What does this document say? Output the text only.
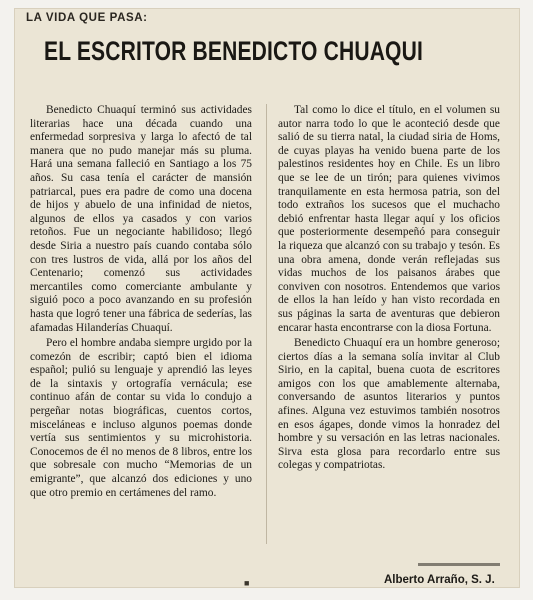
LA VIDA QUE PASA:
EL ESCRITOR BENEDICTO CHUAQUI

Benedicto Chuaquí terminó sus actividades literarias hace una década cuando una enfermedad sorpresiva y larga lo afectó de tal manera que no pudo manejar más su pluma. Hará una semana falleció en Santiago a los 75 años. Su casa tenía el carácter de mansión patriarcal, pues era padre de como una docena de hijos y abuelo de una infinidad de nietos, algunos de ellos ya casados y con varios retoños. Fue un negociante habilidoso; llegó desde Siria a nuestro país cuando contaba sólo con tres lustros de vida, allá por los años del Centenario; comenzó sus actividades mercantiles como comerciante ambulante y siguió poco a poco avanzando en su profesión hasta que logró tener una fábrica de sederías, las afamadas Hilanderías Chuaquí.

Pero el hombre andaba siempre urgido por la comezón de escribir; captó bien el idioma español; pulió su lenguaje y aprendió las leyes de la sintaxis y ortografía vernácula; ese continuo afán de contar su vida lo condujo a pergeñar notas biográficas, cuentos cortos, misceláneas e incluso algunos poemas donde vertía sus sentimientos y su microhistoria. Conocemos de él no menos de 8 libros, entre los que sobresale con mucho “Memorias de un emigrante”, que alcanzó dos ediciones y uno que otro premio en certámenes del ramo.

Tal como lo dice el título, en el volumen su autor narra todo lo que le aconteció desde que salió de su tierra natal, la ciudad siria de Homs, de cuyas playas ha venido buena parte de los palestinos residentes hoy en Chile. Es un libro que se lee de un tirón; para quienes vivimos tranquilamente en esta hermosa patria, son del todo extraños los sucesos que el muchacho debió enfrentar hasta llegar aquí y los oficios que posteriormente desempeñó para conseguir la riqueza que alcanzó con su trabajo y tesón. Es una obra amena, donde verán reflejadas sus vidas muchos de los paisanos árabes que conviven con nosotros. Entendemos que varios de ellos la han leído y han visto recordada en sus páginas la sarta de aventuras que debieron encarar hasta encontrarse con la diosa Fortuna.

Benedicto Chuaquí era un hombre generoso; ciertos días a la semana solía invitar al Club Sirio, en la capital, buena cuota de escritores amigos con los que amablemente alternaba, conversando de asuntos literarios y puntos afines. Alguna vez estuvimos también nosotros en esos ágapes, donde vimos la honradez del hombre y su versación en las letras nacionales. Sirva esta glosa para recordarlo entre sus colegas y compatriotas.

■	Alberto Arraño, S. J.
